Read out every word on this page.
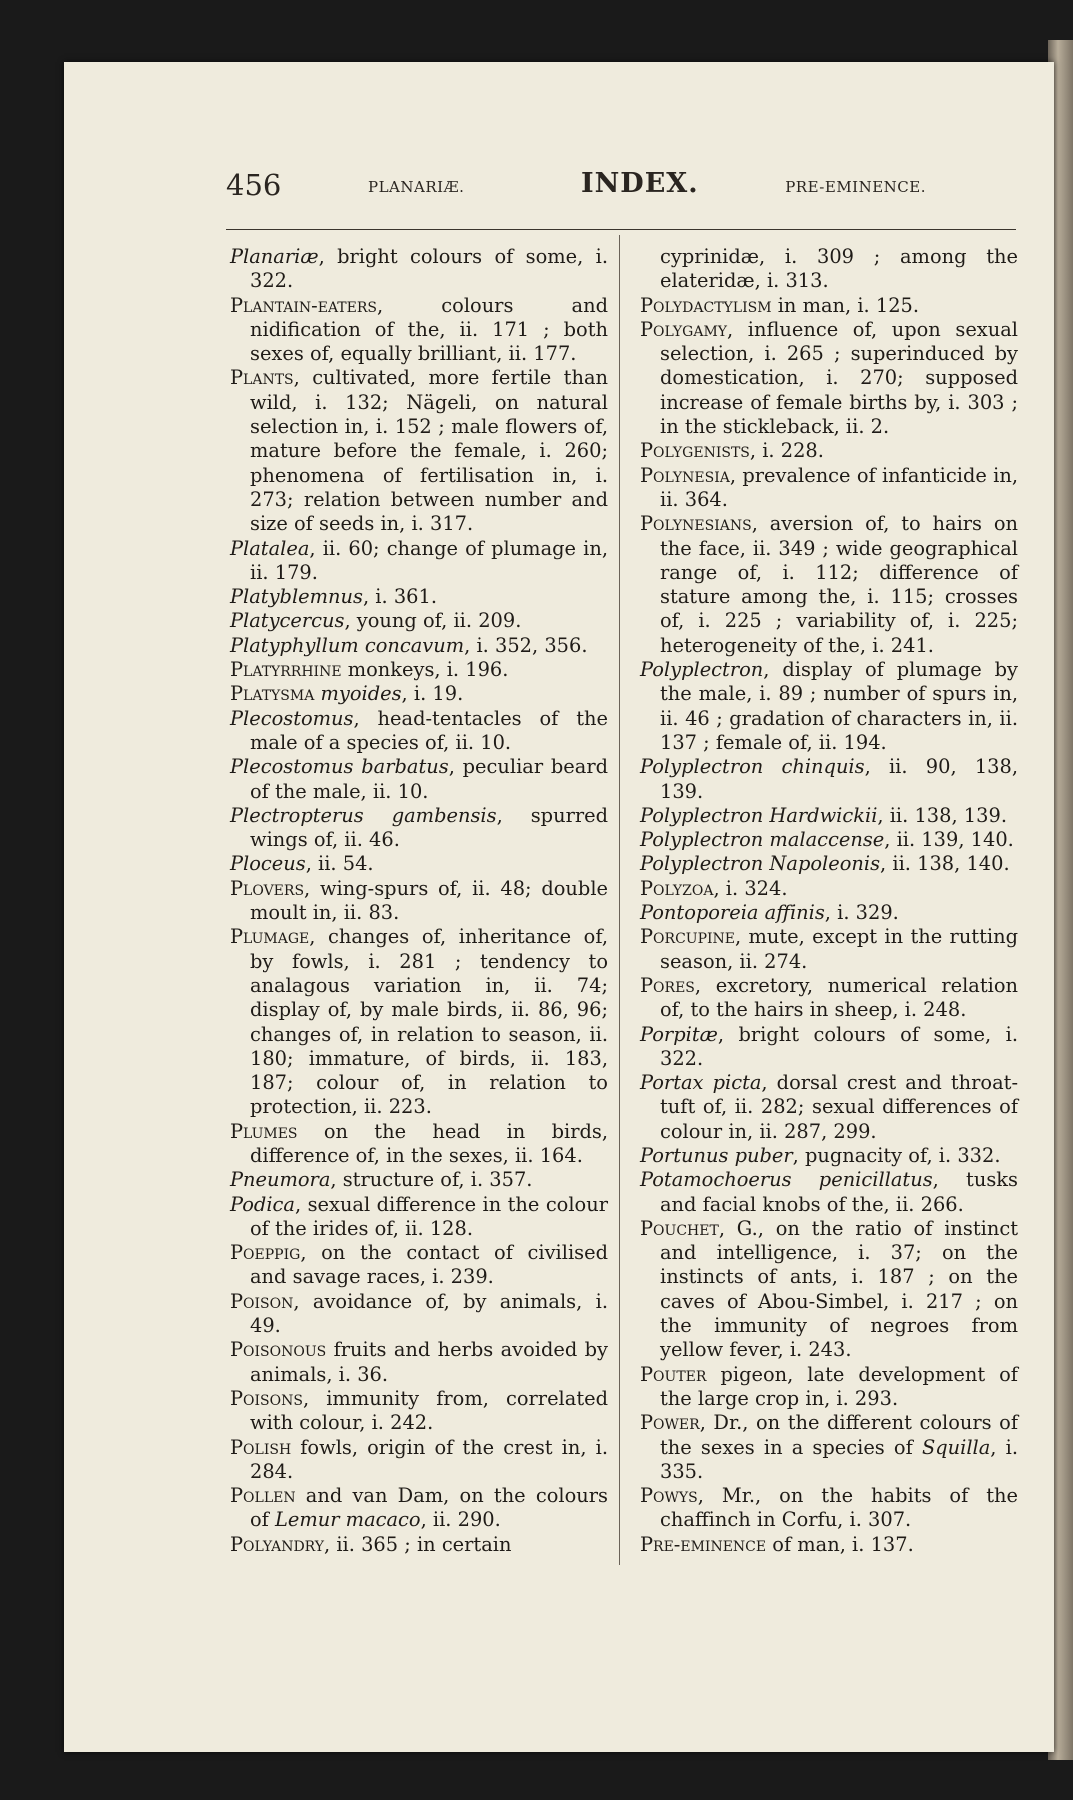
456	PLANARIÆ.	INDEX.	PRE-EMINENCE.

Planariæ, bright colours of some, i. 322.

Plantain-eaters, colours and nidification of the, ii. 171 ; both sexes of, equally brilliant, ii. 177.

Plants, cultivated, more fertile than wild, i. 132; Nägeli, on natural selection in, i. 152 ; male flowers of, mature before the female, i. 260; phenomena of fertilisation in, i. 273; relation between number and size of seeds in, i. 317.

Platalea, ii. 60; change of plumage in, ii. 179.

Platyblemnus, i. 361.

Platycercus, young of, ii. 209.

Platyphyllum concavum, i. 352, 356.

Platyrrhine monkeys, i. 196.

Platysma myoides, i. 19.

Plecostomus, head-tentacles of the male of a species of, ii. 10.

Plecostomus barbatus, peculiar beard of the male, ii. 10.

Plectropterus gambensis, spurred wings of, ii. 46.

Ploceus, ii. 54.

Plovers, wing-spurs of, ii. 48; double moult in, ii. 83.

Plumage, changes of, inheritance of, by fowls, i. 281 ; tendency to analagous variation in, ii. 74; display of, by male birds, ii. 86, 96; changes of, in relation to season, ii. 180; immature, of birds, ii. 183, 187; colour of, in relation to protection, ii. 223.

Plumes on the head in birds, difference of, in the sexes, ii. 164.

Pneumora, structure of, i. 357.

Podica, sexual difference in the colour of the irides of, ii. 128.

Poeppig, on the contact of civilised and savage races, i. 239.

Poison, avoidance of, by animals, i. 49.

Poisonous fruits and herbs avoided by animals, i. 36.

Poisons, immunity from, correlated with colour, i. 242.

Polish fowls, origin of the crest in, i. 284.

Pollen and van Dam, on the colours of Lemur macaco, ii. 290.

Polyandry, ii. 365 ; in certain

cyprinidæ, i. 309 ; among the elateridæ, i. 313.

Polydactylism in man, i. 125.

Polygamy, influence of, upon sexual selection, i. 265 ; superinduced by domestication, i. 270; supposed increase of female births by, i. 303 ; in the stickleback, ii. 2.

Polygenists, i. 228.

Polynesia, prevalence of infanticide in, ii. 364.

Polynesians, aversion of, to hairs on the face, ii. 349 ; wide geographical range of, i. 112; difference of stature among the, i. 115; crosses of, i. 225 ; variability of, i. 225; heterogeneity of the, i. 241.

Polyplectron, display of plumage by the male, i. 89 ; number of spurs in, ii. 46 ; gradation of characters in, ii. 137 ; female of, ii. 194.

Polyplectron chinquis, ii. 90, 138, 139.

Polyplectron Hardwickii, ii. 138, 139.

Polyplectron malaccense, ii. 139, 140.

Polyplectron Napoleonis, ii. 138, 140.

Polyzoa, i. 324.

Pontoporeia affinis, i. 329.

Porcupine, mute, except in the rutting season, ii. 274.

Pores, excretory, numerical relation of, to the hairs in sheep, i. 248.

Porpitæ, bright colours of some, i. 322.

Portax picta, dorsal crest and throat-tuft of, ii. 282; sexual differences of colour in, ii. 287, 299.

Portunus puber, pugnacity of, i. 332.

Potamochoerus penicillatus, tusks and facial knobs of the, ii. 266.

Pouchet, G., on the ratio of instinct and intelligence, i. 37; on the instincts of ants, i. 187 ; on the caves of Abou-Simbel, i. 217 ; on the immunity of negroes from yellow fever, i. 243.

Pouter pigeon, late development of the large crop in, i. 293.

Power, Dr., on the different colours of the sexes in a species of Squilla, i. 335.

Powys, Mr., on the habits of the chaffinch in Corfu, i. 307.

Pre-eminence of man, i. 137.
